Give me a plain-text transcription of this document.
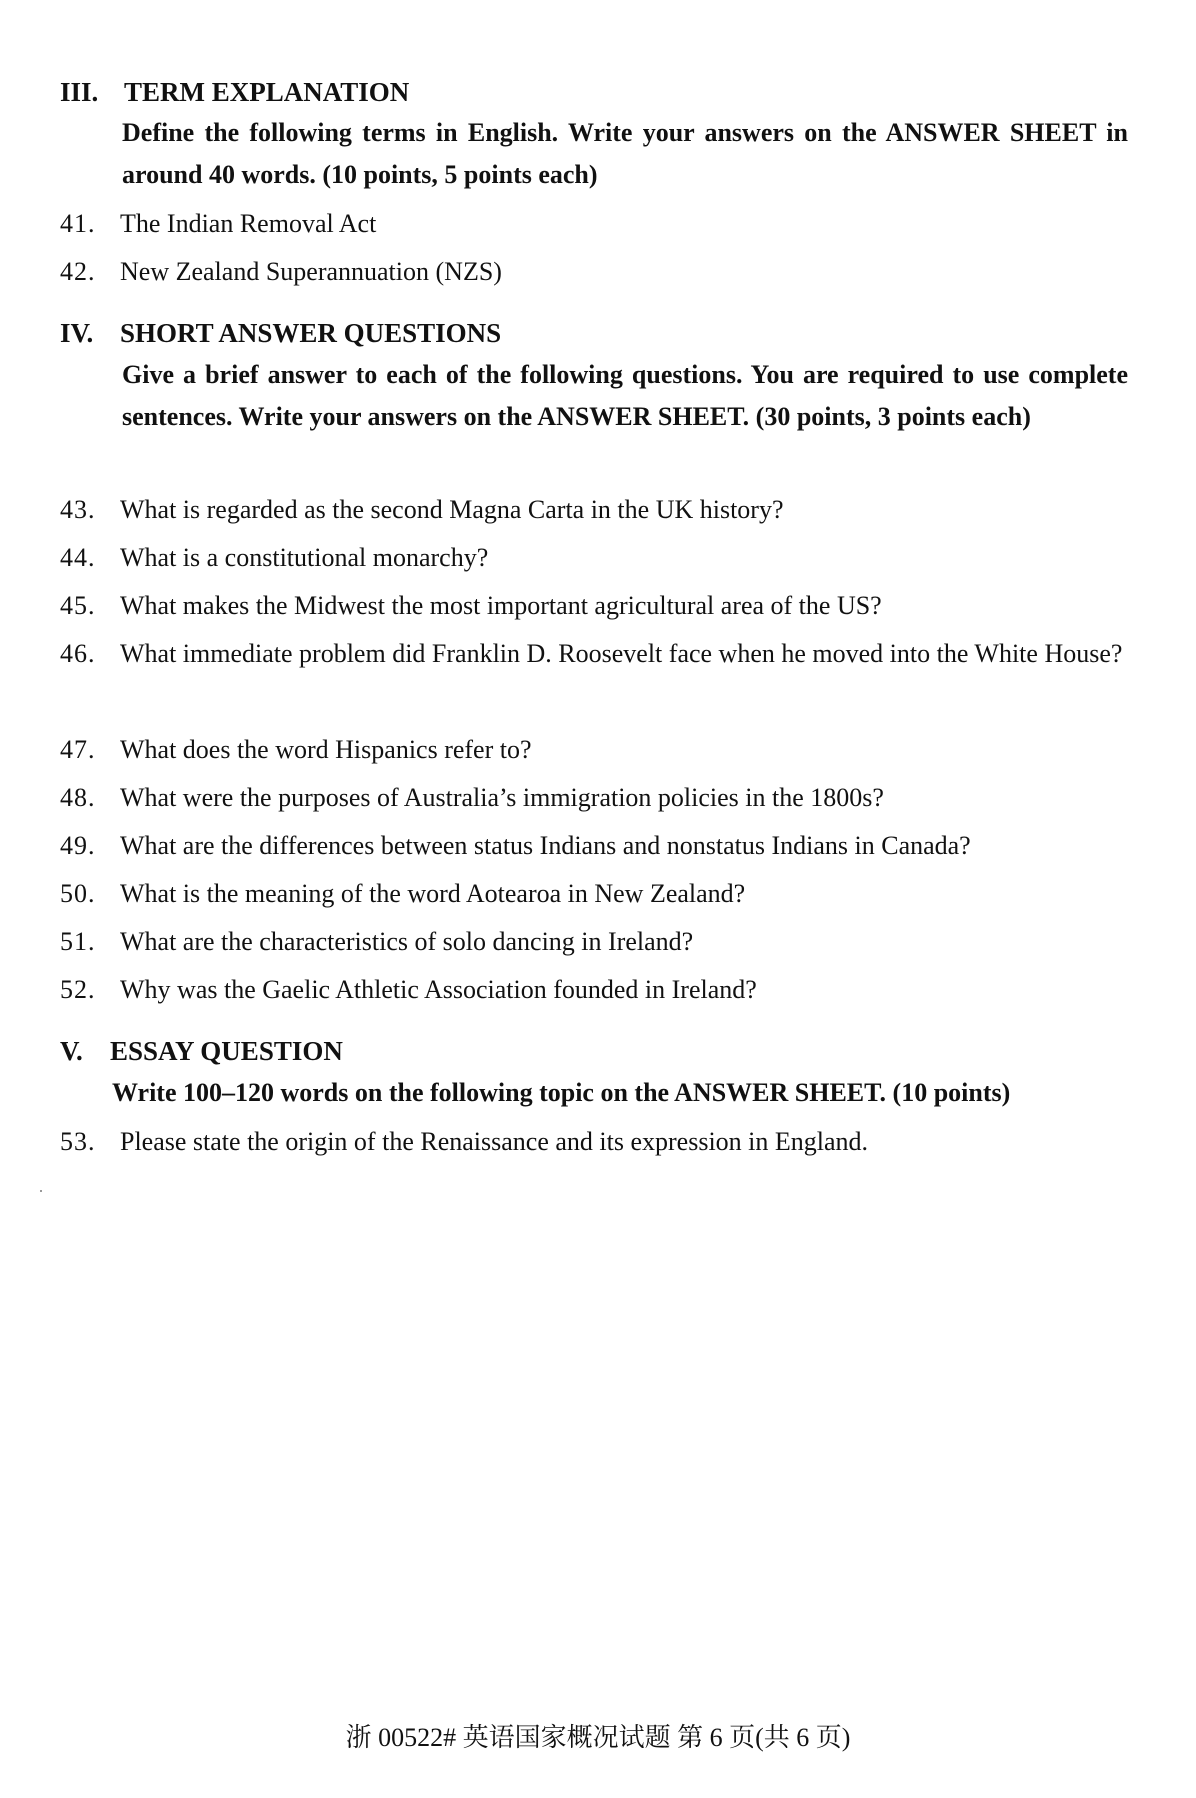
III. TERM EXPLANATION
Define the following terms in English. Write your answers on the ANSWER SHEET in around 40 words. (10 points, 5 points each)
41. The Indian Removal Act
42. New Zealand Superannuation (NZS)
IV. SHORT ANSWER QUESTIONS
Give a brief answer to each of the following questions. You are required to use complete sentences. Write your answers on the ANSWER SHEET. (30 points, 3 points each)
43. What is regarded as the second Magna Carta in the UK history?
44. What is a constitutional monarchy?
45. What makes the Midwest the most important agricultural area of the US?
46. What immediate problem did Franklin D. Roosevelt face when he moved into the White House?
47. What does the word Hispanics refer to?
48. What were the purposes of Australia’s immigration policies in the 1800s?
49. What are the differences between status Indians and nonstatus Indians in Canada?
50. What is the meaning of the word Aotearoa in New Zealand?
51. What are the characteristics of solo dancing in Ireland?
52. Why was the Gaelic Athletic Association founded in Ireland?
V. ESSAY QUESTION
Write 100–120 words on the following topic on the ANSWER SHEET. (10 points)
53. Please state the origin of the Renaissance and its expression in England.
浙 00522# 英语国家概况试题 第 6 页(共 6 页)
